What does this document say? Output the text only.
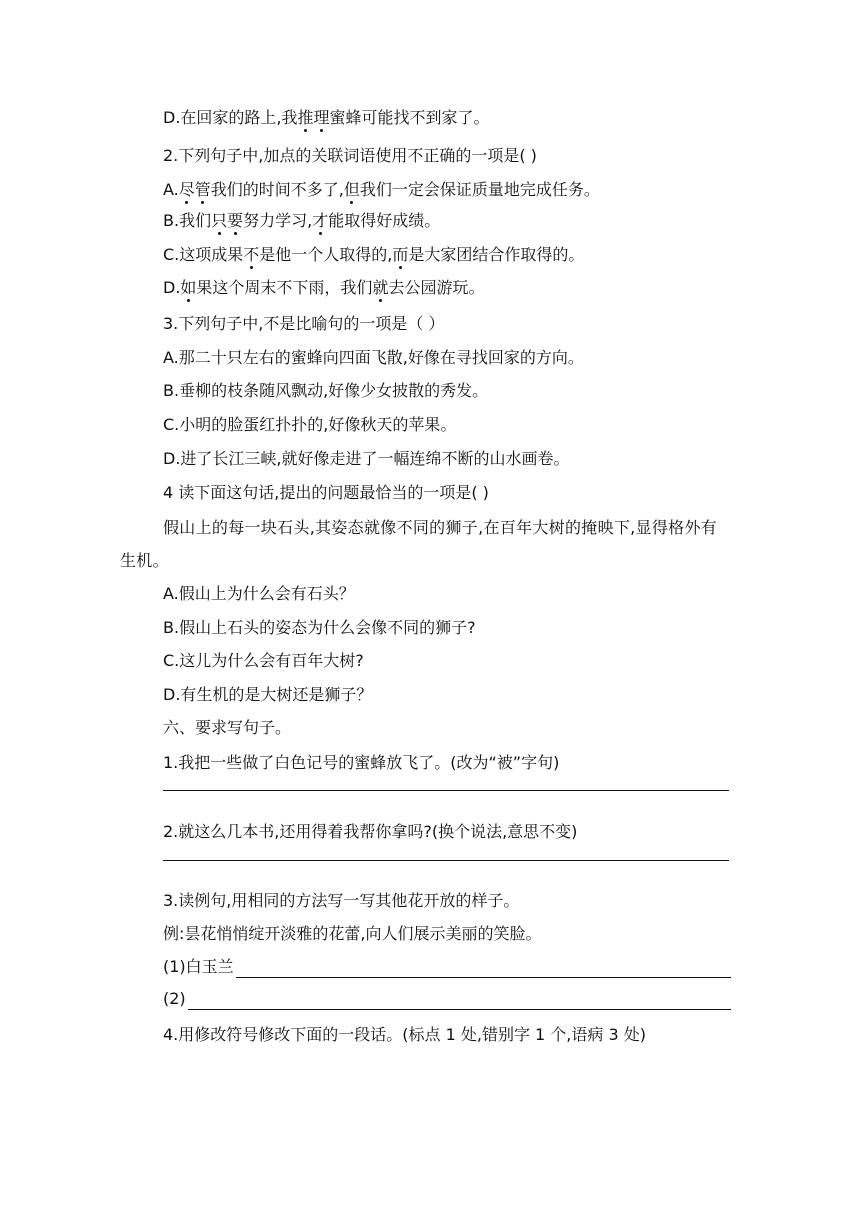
D.在回家的路上,我推理蜜蜂可能找不到家了。
2.下列句子中,加点的关联词语使用不正确的一项是( )
A.尽管我们的时间不多了,但我们一定会保证质量地完成任务。
B.我们只要努力学习,才能取得好成绩。
C.这项成果不是他一个人取得的,而是大家团结合作取得的。
D.如果这个周末不下雨，我们就去公园游玩。
3.下列句子中,不是比喻句的一项是（ ）
A.那二十只左右的蜜蜂向四面飞散,好像在寻找回家的方向。
B.垂柳的枝条随风飘动,好像少女披散的秀发。
C.小明的脸蛋红扑扑的,好像秋天的苹果。
D.进了长江三峡,就好像走进了一幅连绵不断的山水画卷。
4 读下面这句话,提出的问题最恰当的一项是( )
假山上的每一块石头,其姿态就像不同的狮子,在百年大树的掩映下,显得格外有生机。
A.假山上为什么会有石头？
B.假山上石头的姿态为什么会像不同的狮子?
C.这儿为什么会有百年大树?
D.有生机的是大树还是狮子？
六、要求写句子。
1.我把一些做了白色记号的蜜蜂放飞了。(改为“被”字句)
2.就这么几本书,还用得着我帮你拿吗?(换个说法,意思不变)
3.读例句,用相同的方法写一写其他花开放的样子。
例:昙花悄悄绽开淡雅的花蕾,向人们展示美丽的笑脸。
(1)白玉兰
(2)
4.用修改符号修改下面的一段话。(标点 1 处,错别字 1 个,语病 3 处)
